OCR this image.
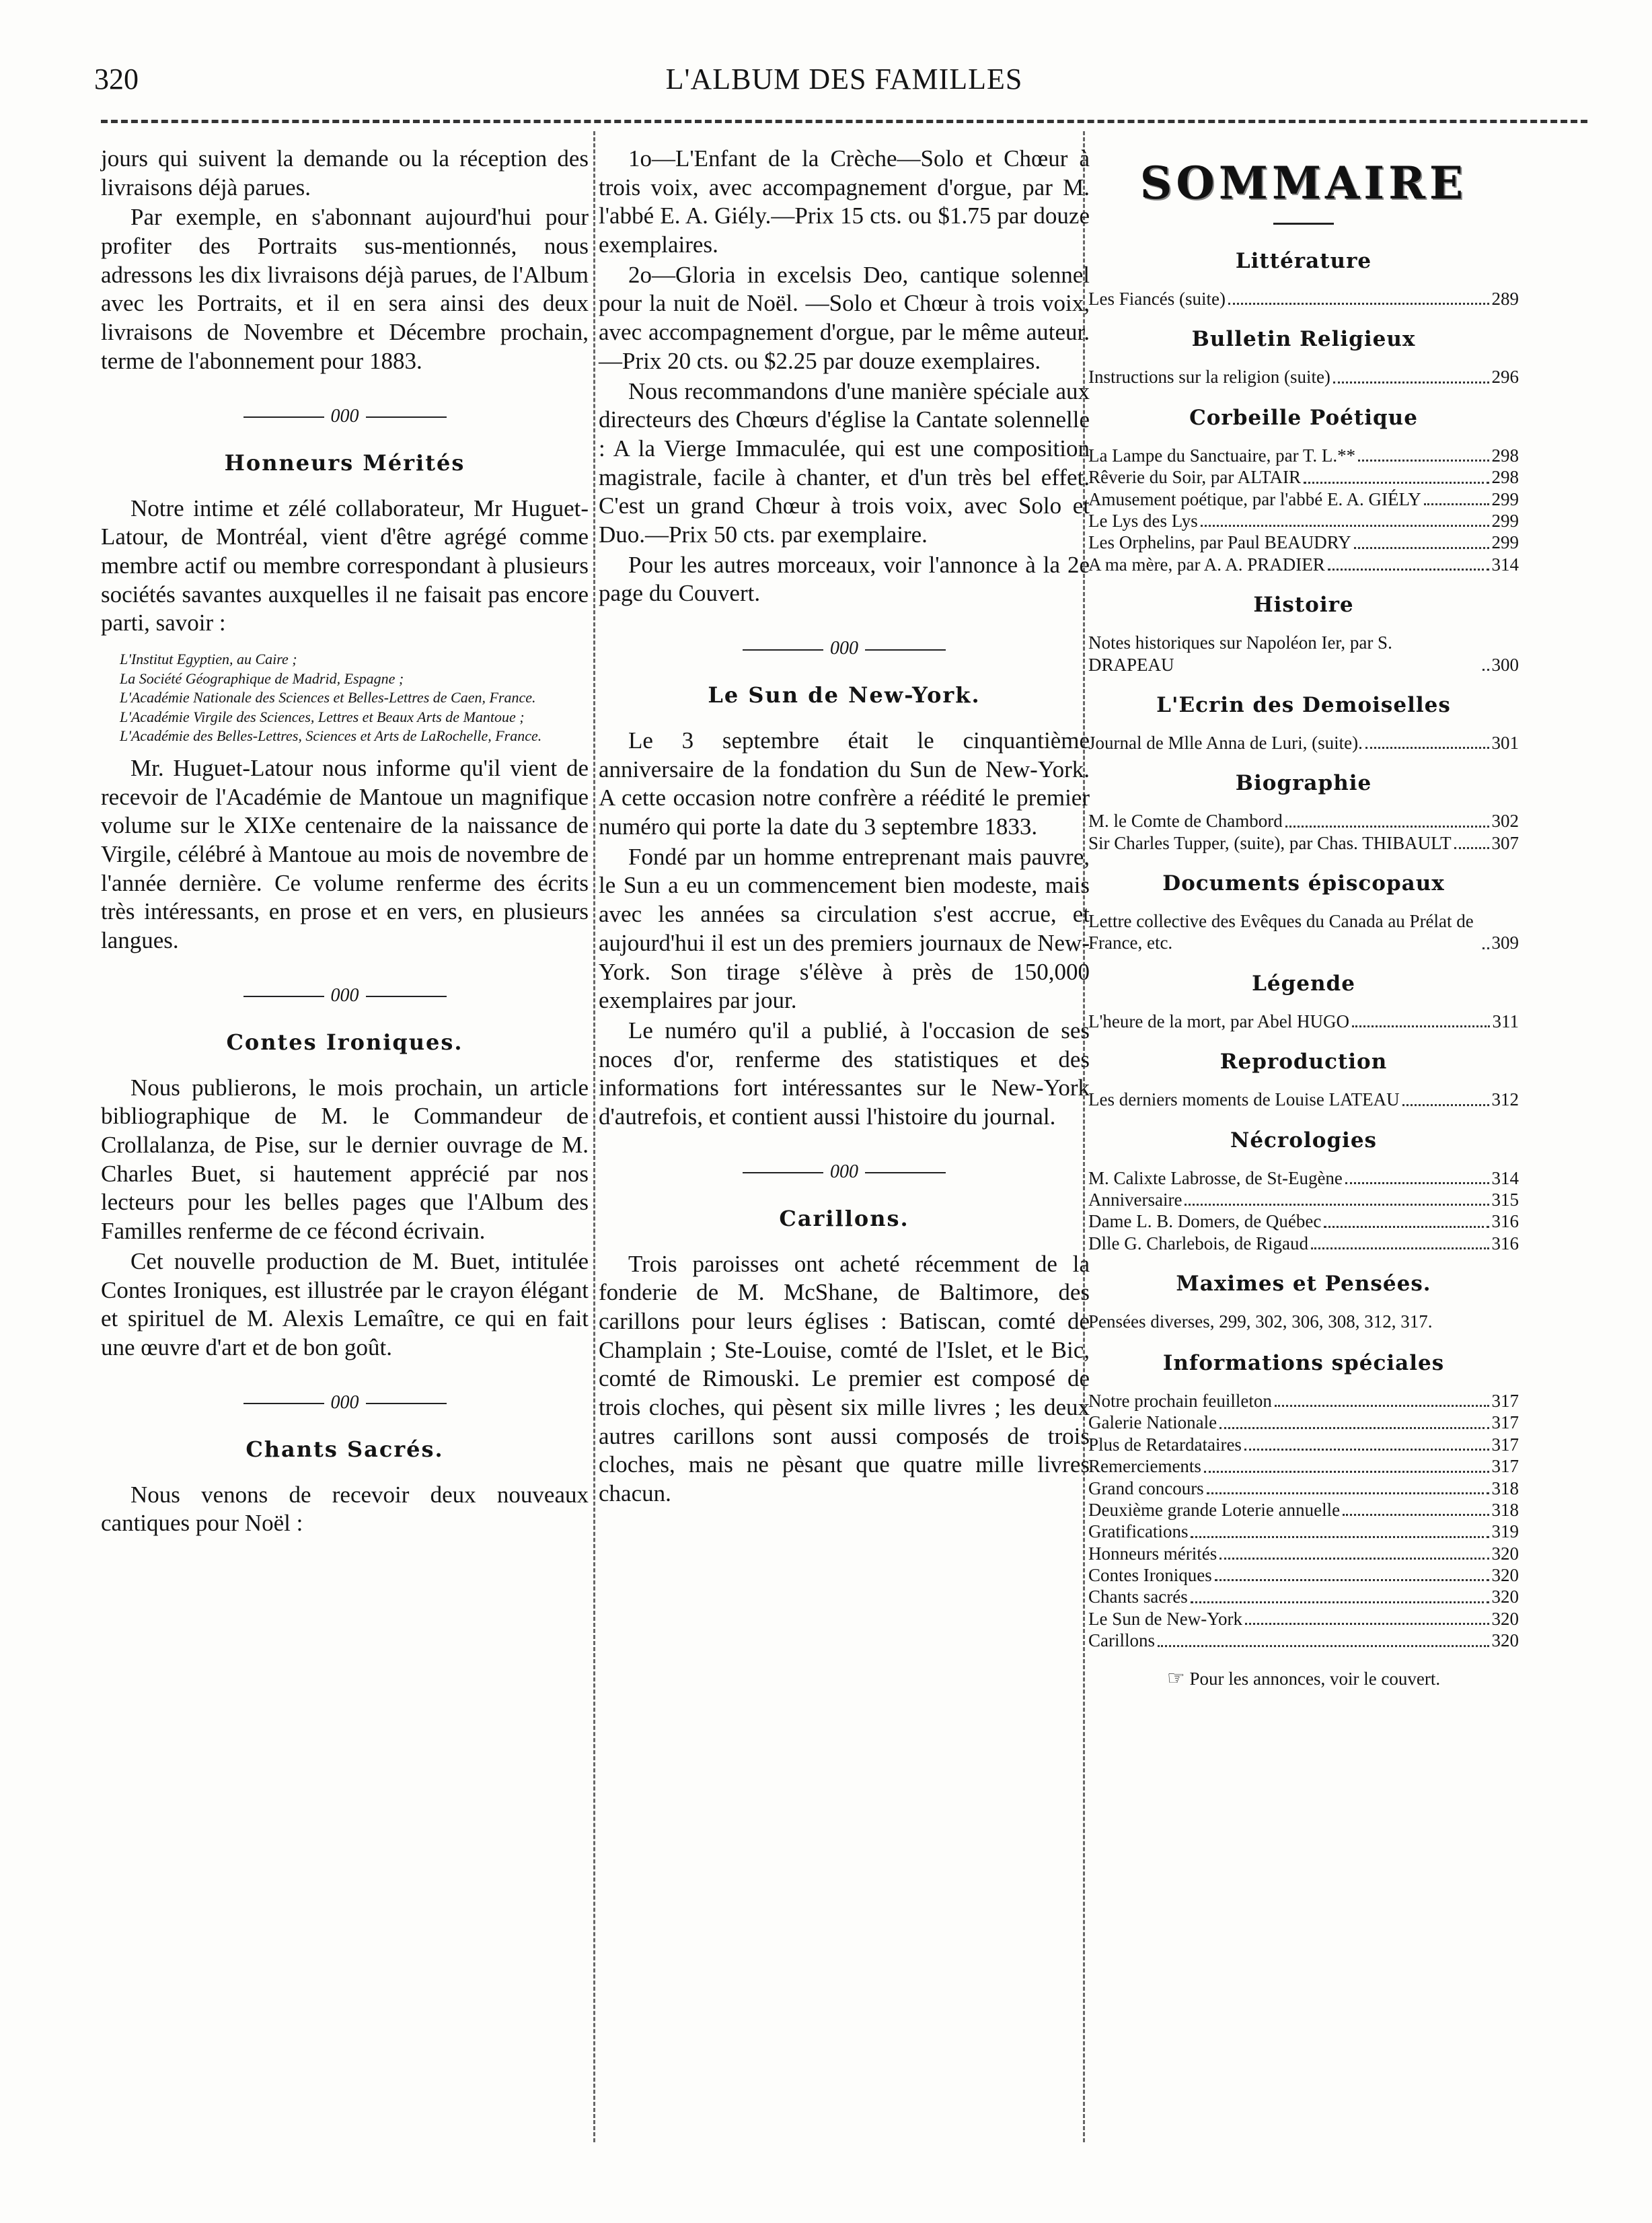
320	L'ALBUM DES FAMILLES

jours qui suivent la demande ou la réception des livraisons déjà parues.

Par exemple, en s'abonnant aujourd'hui pour profiter des Portraits sus-mentionnés, nous adressons les dix livraisons déjà parues, de l'Album avec les Portraits, et il en sera ainsi des deux livraisons de Novembre et Décembre prochain, terme de l'abonnement pour 1883.

000
Honneurs Mérités

Notre intime et zélé collaborateur, Mr Huguet-Latour, de Montréal, vient d'être agrégé comme membre actif ou membre correspondant à plusieurs sociétés savantes auxquelles il ne faisait pas encore parti, savoir :

L'Institut Egyptien, au Caire ;
La Société Géographique de Madrid, Espagne ;
L'Académie Nationale des Sciences et Belles-Lettres de Caen, France.
L'Académie Virgile des Sciences, Lettres et Beaux Arts de Mantoue ;
L'Académie des Belles-Lettres, Sciences et Arts de LaRochelle, France.

Mr. Huguet-Latour nous informe qu'il vient de recevoir de l'Académie de Mantoue un magnifique volume sur le XIXe centenaire de la naissance de Virgile, célébré à Mantoue au mois de novembre de l'année dernière. Ce volume renferme des écrits très intéressants, en prose et en vers, en plusieurs langues.

000
Contes Ironiques.

Nous publierons, le mois prochain, un article bibliographique de M. le Commandeur de Crollalanza, de Pise, sur le dernier ouvrage de M. Charles Buet, si hautement apprécié par nos lecteurs pour les belles pages que l'Album des Familles renferme de ce fécond écrivain.

Cet nouvelle production de M. Buet, intitulée Contes Ironiques, est illustrée par le crayon élégant et spirituel de M. Alexis Lemaître, ce qui en fait une œuvre d'art et de bon goût.

000
Chants Sacrés.

Nous venons de recevoir deux nouveaux cantiques pour Noël :

1o—L'Enfant de la Crèche—Solo et Chœur à trois voix, avec accompagnement d'orgue, par M. l'abbé E. A. Giély.—Prix 15 cts. ou $1.75 par douze exemplaires.

2o—Gloria in excelsis Deo, cantique solennel pour la nuit de Noël. —Solo et Chœur à trois voix, avec accompagnement d'orgue, par le même auteur.—Prix 20 cts. ou $2.25 par douze exemplaires.

Nous recommandons d'une manière spéciale aux directeurs des Chœurs d'église la Cantate solennelle : A la Vierge Immaculée, qui est une composition magistrale, facile à chanter, et d'un très bel effet. C'est un grand Chœur à trois voix, avec Solo et Duo.—Prix 50 cts. par exemplaire.

Pour les autres morceaux, voir l'annonce à la 2e page du Couvert.

000
Le Sun de New-York.

Le 3 septembre était le cinquantième anniversaire de la fondation du Sun de New-York. A cette occasion notre confrère a réédité le premier numéro qui porte la date du 3 septembre 1833.

Fondé par un homme entreprenant mais pauvre, le Sun a eu un commencement bien modeste, mais avec les années sa circulation s'est accrue, et aujourd'hui il est un des premiers journaux de New-York. Son tirage s'élève à près de 150,000 exemplaires par jour.

Le numéro qu'il a publié, à l'occasion de ses noces d'or, renferme des statistiques et des informations fort intéressantes sur le New-York d'autrefois, et contient aussi l'histoire du journal.

000
Carillons.

Trois paroisses ont acheté récemment de la fonderie de M. McShane, de Baltimore, des carillons pour leurs églises : Batiscan, comté de Champlain ; Ste-Louise, comté de l'Islet, et le Bic, comté de Rimouski. Le premier est composé de trois cloches, qui pèsent six mille livres ; les deux autres carillons sont aussi composés de trois cloches, mais ne pèsant que quatre mille livres chacun.

SOMMAIRE
Littérature
Les Fiancés (suite)	289
Bulletin Religieux
Instructions sur la religion (suite)	296
Corbeille Poétique
La Lampe du Sanctuaire, par T. L.**	298
Rêverie du Soir, par ALTAIR	298
Amusement poétique, par l'abbé E. A. GIÉLY	299
Le Lys des Lys	299
Les Orphelins, par Paul BEAUDRY	299
A ma mère, par A. A. PRADIER	314
Histoire
Notes historiques sur Napoléon Ier, par S. DRAPEAU	300
L'Ecrin des Demoiselles
Journal de Mlle Anna de Luri, (suite).	301
Biographie
M. le Comte de Chambord	302
Sir Charles Tupper, (suite), par Chas. THIBAULT 307
Documents épiscopaux
Lettre collective des Evêques du Canada au Prélat de France, etc.	309
Légende
L'heure de la mort, par Abel HUGO	311
Reproduction
Les derniers moments de Louise LATEAU	312
Nécrologies
M. Calixte Labrosse, de St-Eugène	314
Anniversaire	315
Dame L. B. Domers, de Québec	316
Dlle G. Charlebois, de Rigaud	316
Maximes et Pensées.
Pensées diverses, 299, 302, 306, 308, 312, 317.
Informations spéciales
Notre prochain feuilleton	317
Galerie Nationale	317
Plus de Retardataires	317
Remerciements	317
Grand concours	318
Deuxième grande Loterie annuelle	318
Gratifications	319
Honneurs mérités	320
Contes Ironiques	320
Chants sacrés	320
Le Sun de New-York	320
Carillons	320
☞ Pour les annonces, voir le couvert.
